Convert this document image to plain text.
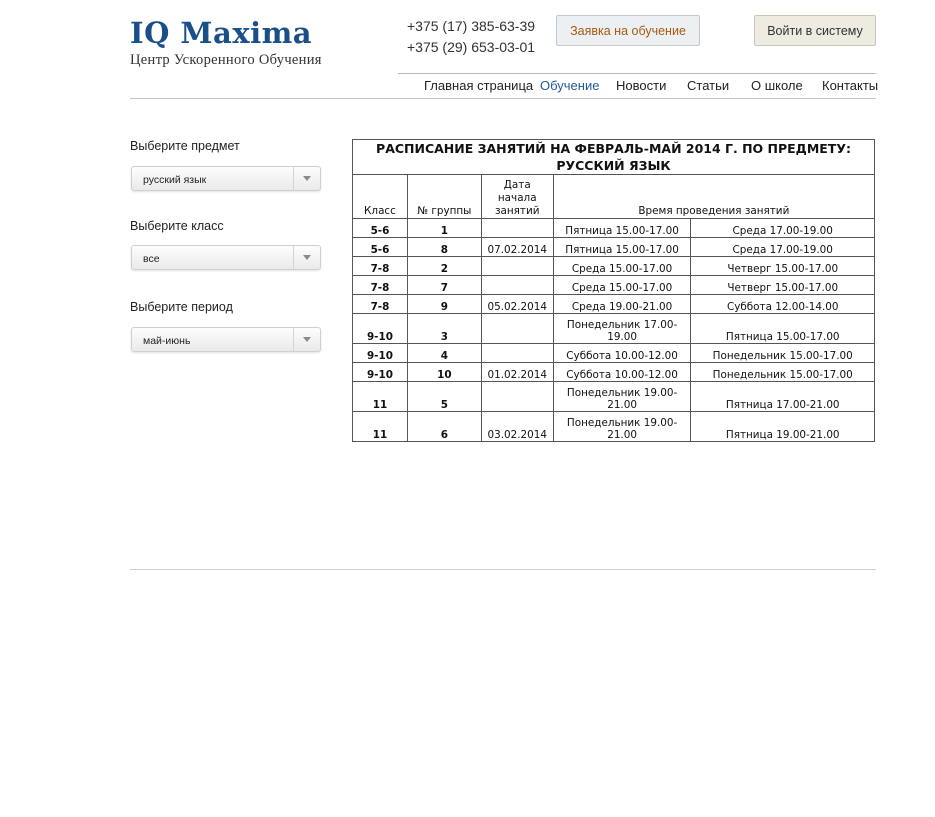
IQ Maxima
Центр Ускоренного Обучения
+375 (17) 385-63-39
+375 (29) 653-03-01
Заявка на обучение	Войти в систему
Главная страница Обучение Новости Статьи О школе Контакты
Выберите предмет
русский язык
Выберите класс
все
Выберите период
май-июнь
РАСПИСАНИЕ ЗАНЯТИЙ НА ФЕВРАЛЬ-МАЙ 2014 Г. ПО ПРЕДМЕТУ: РУССКИЙ ЯЗЫК				
Класс	№ группы	Дата начала занятий	Время проведения занятий	
5-6	1		Пятница 15.00-17.00	Среда 17.00-19.00
5-6	8	07.02.2014	Пятница 15.00-17.00	Среда 17.00-19.00
7-8	2		Среда 15.00-17.00	Четверг 15.00-17.00
7-8	7		Среда 15.00-17.00	Четверг 15.00-17.00
7-8	9	05.02.2014	Среда 19.00-21.00	Суббота 12.00-14.00
9-10	3		Понедельник 17.00-19.00	Пятница 15.00-17.00
9-10	4		Суббота 10.00-12.00	Понедельник 15.00-17.00
9-10	10	01.02.2014	Суббота 10.00-12.00	Понедельник 15.00-17.00
11	5		Понедельник 19.00-21.00	Пятница 17.00-21.00
11	6	03.02.2014	Понедельник 19.00-21.00	Пятница 19.00-21.00
